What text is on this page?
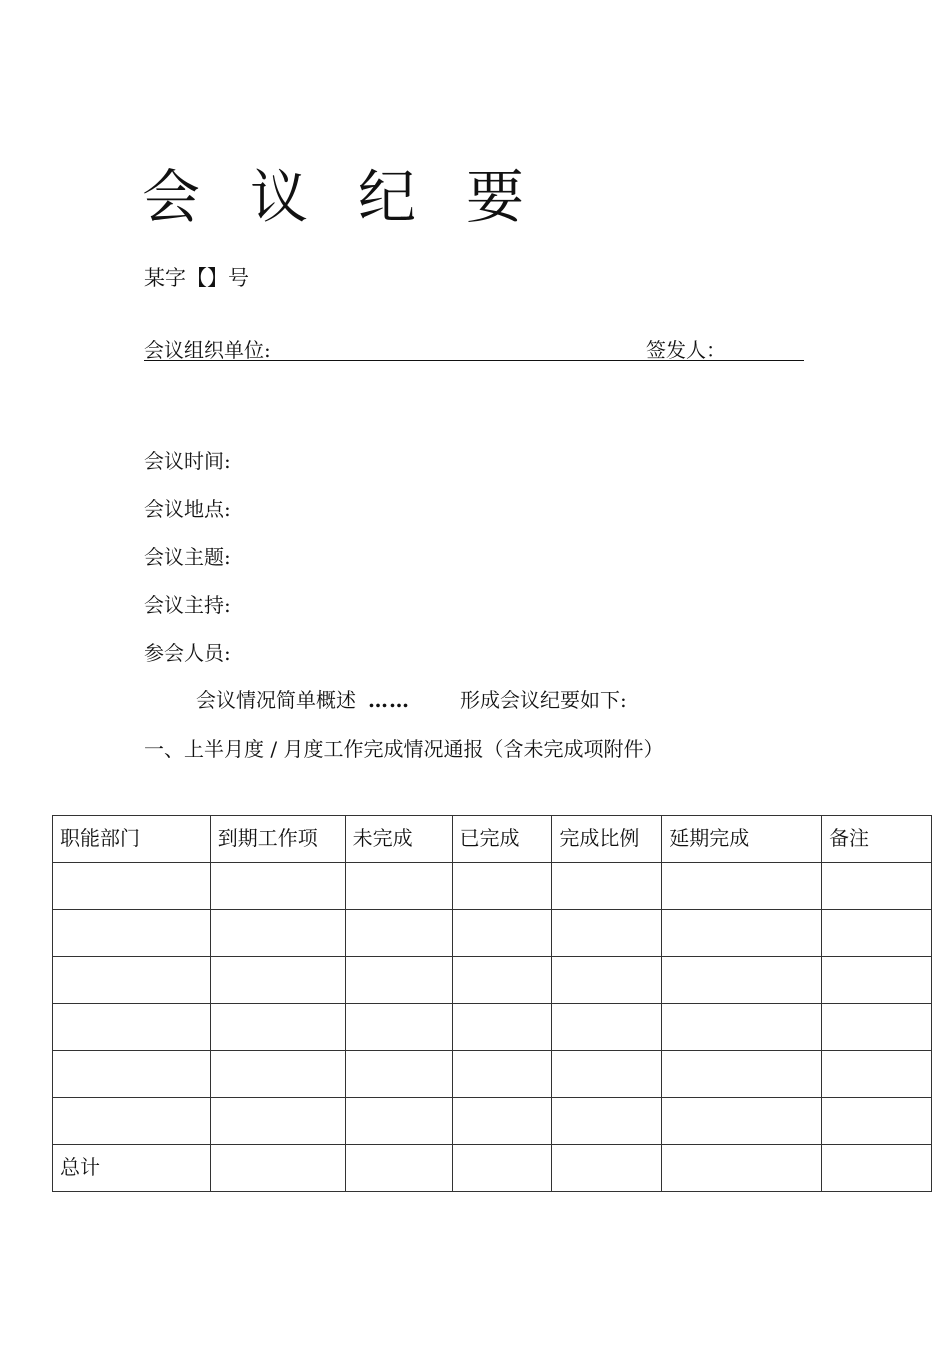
会议纪要
某字【】号
会议组织单位:	签发人：
会议时间:
会议地点:
会议主题:
会议主持:
参会人员:
会议情况简单概述 ……	形成会议纪要如下:
一、上半月度 / 月度工作完成情况通报（含未完成项附件）
职能部门	到期工作项	未完成	已完成	完成比例	延期完成	备注

总计						
